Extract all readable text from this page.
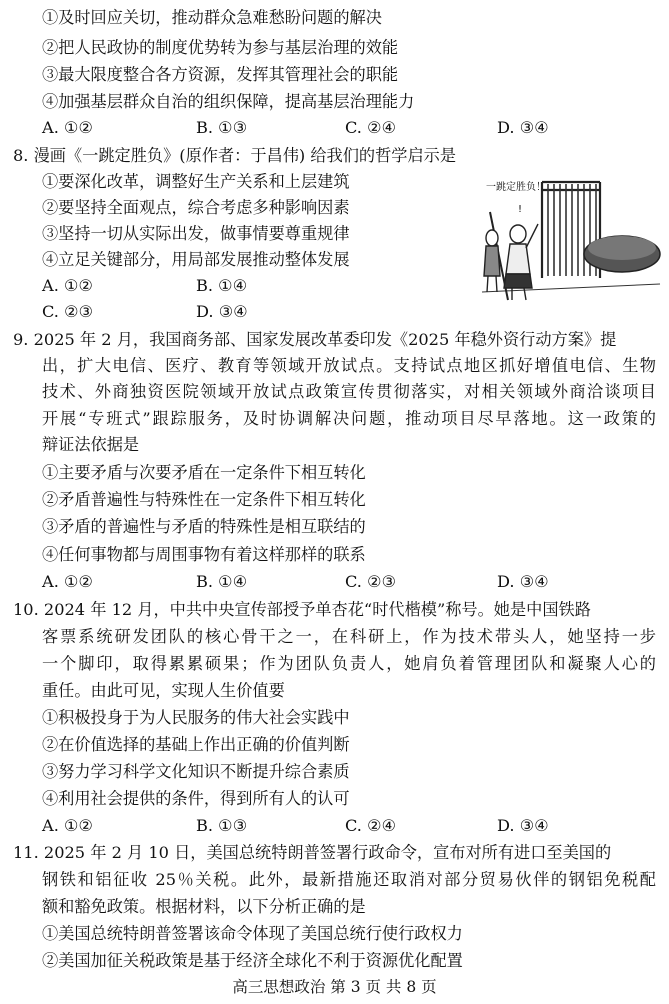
①及时回应关切，推动群众急难愁盼问题的解决
②把人民政协的制度优势转为参与基层治理的效能
③最大限度整合各方资源，发挥其管理社会的职能
④加强基层群众自治的组织保障，提高基层治理能力
A. ①②	B. ①③	C. ②④	D. ③④
8. 漫画《一跳定胜负》(原作者：于昌伟) 给我们的哲学启示是
①要深化改革，调整好生产关系和上层建筑
②要坚持全面观点，综合考虑多种影响因素
③坚持一切从实际出发，做事情要尊重规律
④立足关键部分，用局部发展推动整体发展
A. ①②	B. ①④
C. ②③	D. ③④
一跳定胜负！
!
9. 2025 年 2 月，我国商务部、国家发展改革委印发《2025 年稳外资行动方案》提
出，扩大电信、医疗、教育等领域开放试点。支持试点地区抓好增值电信、生物
技术、外商独资医院领域开放试点政策宣传贯彻落实，对相关领域外商洽谈项目
开展“专班式”跟踪服务，及时协调解决问题，推动项目尽早落地。这一政策的
辩证法依据是
①主要矛盾与次要矛盾在一定条件下相互转化
②矛盾普遍性与特殊性在一定条件下相互转化
③矛盾的普遍性与矛盾的特殊性是相互联结的
④任何事物都与周围事物有着这样那样的联系
A. ①②	B. ①④	C. ②③	D. ③④
10. 2024 年 12 月，中共中央宣传部授予单杏花“时代楷模”称号。她是中国铁路
客票系统研发团队的核心骨干之一，在科研上，作为技术带头人，她坚持一步
一个脚印，取得累累硕果；作为团队负责人，她肩负着管理团队和凝聚人心的
重任。由此可见，实现人生价值要
①积极投身于为人民服务的伟大社会实践中
②在价值选择的基础上作出正确的价值判断
③努力学习科学文化知识不断提升综合素质
④利用社会提供的条件，得到所有人的认可
A. ①②	B. ①③	C. ②④	D. ③④
11. 2025 年 2 月 10 日，美国总统特朗普签署行政命令，宣布对所有进口至美国的
钢铁和铝征收 25％关税。此外，最新措施还取消对部分贸易伙伴的钢铝免税配
额和豁免政策。根据材料，以下分析正确的是
①美国总统特朗普签署该命令体现了美国总统行使行政权力
②美国加征关税政策是基于经济全球化不利于资源优化配置
高三思想政治 第 3 页 共 8 页
